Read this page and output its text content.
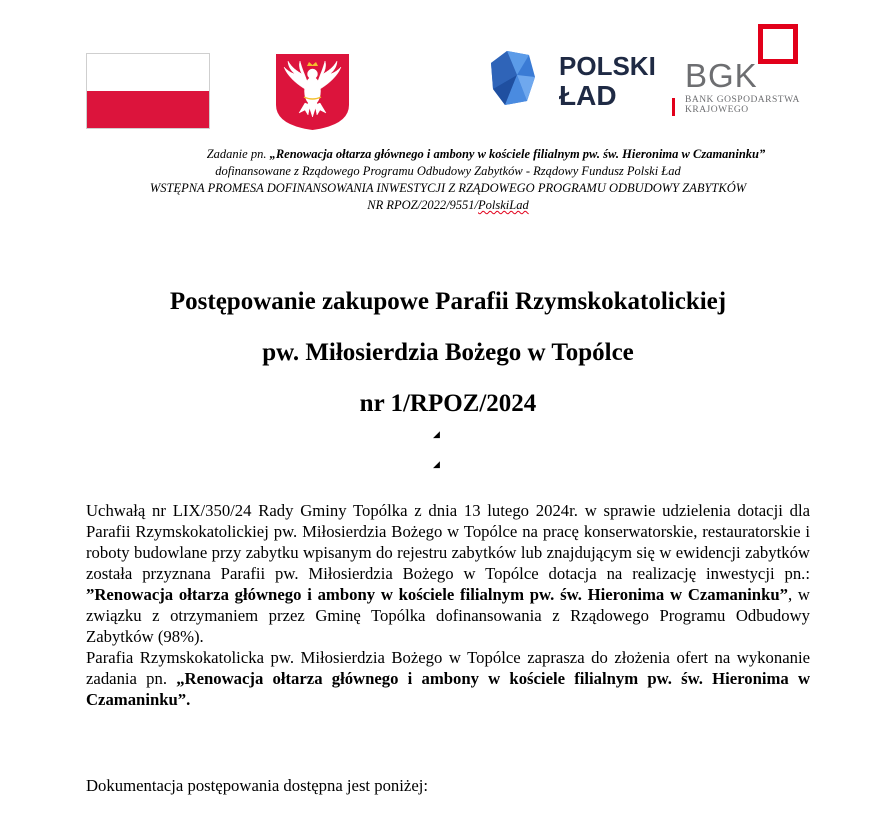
POLSKI
ŁAD
BGK
BANK GOSPODARSTWA
KRAJOWEGO
Zadanie pn. „Renowacja ołtarza głównego i ambony w kościele filialnym pw. św. Hieronima w Czamaninku”
dofinansowane z Rządowego Programu Odbudowy Zabytków - Rządowy Fundusz Polski Ład
WSTĘPNA PROMESA DOFINANSOWANIA INWESTYCJI Z RZĄDOWEGO PROGRAMU ODBUDOWY ZABYTKÓW
NR RPOZ/2022/9551/PolskiLad
Postępowanie zakupowe Parafii Rzymskokatolickiej
pw. Miłosierdzia Bożego w Topólce
nr 1/RPOZ/2024
◢
◢

Uchwałą nr LIX/350/24 Rady Gminy Topólka z dnia 13 lutego 2024r. w sprawie udzielenia dotacji dla Parafii Rzymskokatolickiej pw. Miłosierdzia Bożego w Topólce na pracę konserwatorskie, restauratorskie i roboty budowlane przy zabytku wpisanym do rejestru zabytków lub znajdującym się w ewidencji zabytków została przyznana Parafii pw. Miłosierdzia Bożego w Topólce dotacja na realizację inwestycji pn.: ”Renowacja ołtarza głównego i ambony w kościele filialnym pw. św. Hieronima w Czamaninku”, w związku z otrzymaniem przez Gminę Topólka dofinansowania z Rządowego Programu Odbudowy Zabytków (98%).

Parafia Rzymskokatolicka pw. Miłosierdzia Bożego w Topólce zaprasza do złożenia ofert na wykonanie zadania pn. „Renowacja ołtarza głównego i ambony w kościele filialnym pw. św. Hieronima w Czamaninku”.

Dokumentacja postępowania dostępna jest poniżej:
